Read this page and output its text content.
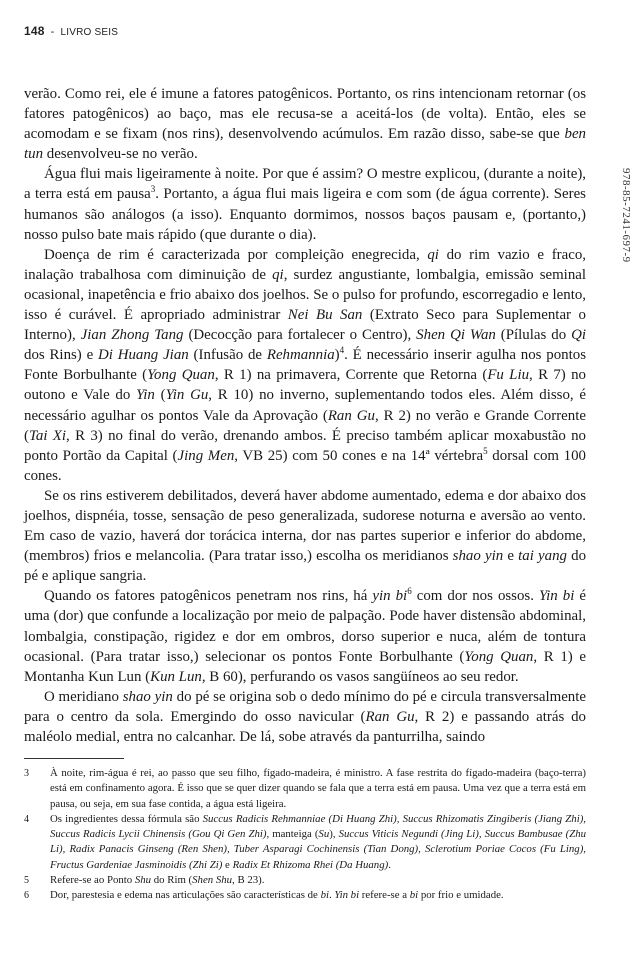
148 - LIVRO SEIS
978-85-7241-697-9

verão. Como rei, ele é imune a fatores patogênicos. Portanto, os rins intencionam retornar (os fatores patogênicos) ao baço, mas ele recusa-se a aceitá-los (de volta). Então, eles se acomodam e se fixam (nos rins), desenvolvendo acúmulos. Em razão disso, sabe-se que ben tun desenvolveu-se no verão.

Água flui mais ligeiramente à noite. Por que é assim? O mestre explicou, (durante a noite), a terra está em pausa$^3$. Portanto, a água flui mais ligeira e com som (de água corrente). Seres humanos são análogos (a isso). Enquanto dormimos, nossos baços pausam e, (portanto,) nosso pulso bate mais rápido (que durante o dia).

Doença de rim é caracterizada por compleição enegrecida, qi do rim vazio e fraco, inalação trabalhosa com diminuição de qi, surdez angustiante, lombalgia, emissão seminal ocasional, inapetência e frio abaixo dos joelhos. Se o pulso for profundo, escorregadio e lento, isso é curável. É apropriado administrar Nei Bu San (Extrato Seco para Suplementar o Interno), Jian Zhong Tang (Decocção para fortalecer o Centro), Shen Qi Wan (Pílulas do Qi dos Rins) e Di Huang Jian (Infusão de Rehmannia)$^4$. É necessário inserir agulha nos pontos Fonte Borbulhante (Yong Quan, R 1) na primavera, Corrente que Retorna (Fu Liu, R 7) no outono e Vale do Yin (Yin Gu, R 10) no inverno, suplementando todos eles. Além disso, é necessário agulhar os pontos Vale da Aprovação (Ran Gu, R 2) no verão e Grande Corrente (Tai Xi, R 3) no final do verão, drenando ambos. É preciso também aplicar moxabustão no ponto Portão da Capital (Jing Men, VB 25) com 50 cones e na 14ª vértebra$^5$ dorsal com 100 cones.

Se os rins estiverem debilitados, deverá haver abdome aumentado, edema e dor abaixo dos joelhos, dispnéia, tosse, sensação de peso generalizada, sudorese noturna e aversão ao vento. Em caso de vazio, haverá dor torácica interna, dor nas partes superior e inferior do abdome, (membros) frios e melancolia. (Para tratar isso,) escolha os meridianos shao yin e tai yang do pé e aplique sangria.

Quando os fatores patogênicos penetram nos rins, há yin $bi^6$ com dor nos ossos. Yin bi é uma (dor) que confunde a localização por meio de palpação. Pode haver distensão abdominal, lombalgia, constipação, rigidez e dor em ombros, dorso superior e nuca, além de tontura ocasional. (Para tratar isso,) selecionar os pontos Fonte Borbulhante (Yong Quan, R 1) e Montanha Kun Lun (Kun Lun, B 60), perfurando os vasos sangüíneos ao seu redor.

O meridiano shao yin do pé se origina sob o dedo mínimo do pé e circula transversalmente para o centro da sola. Emergindo do osso navicular (Ran Gu, R 2) e passando atrás do maléolo medial, entra no calcanhar. De lá, sobe através da panturrilha, saindo

3	À noite, rim-água é rei, ao passo que seu filho, fígado-madeira, é ministro. A fase restrita do fígado-madeira (baço-terra) está em confinamento agora. É isso que se quer dizer quando se fala que a terra está em pausa. Uma vez que a terra está em pausa, ou seja, em sua fase contida, a água está ligeira.
4	Os ingredientes dessa fórmula são Succus Radicis Rehmanniae (Di Huang Zhi), Succus Rhizomatis Zingiberis (Jiang Zhi), Succus Radicis Lycii Chinensis (Gou Qi Gen Zhi), manteiga (Su), Succus Viticis Negundi (Jing Li), Succus Bambusae (Zhu Li), Radix Panacis Ginseng (Ren Shen), Tuber Asparagi Cochinensis (Tian Dong), Sclerotium Poriae Cocos (Fu Ling), Fructus Gardeniae Jasminoidis (Zhi Zi) e Radix Et Rhizoma Rhei (Da Huang).
5	Refere-se ao Ponto Shu do Rim (Shen Shu, B 23).
6	Dor, parestesia e edema nas articulações são características de bi. Yin bi refere-se a bi por frio e umidade.
